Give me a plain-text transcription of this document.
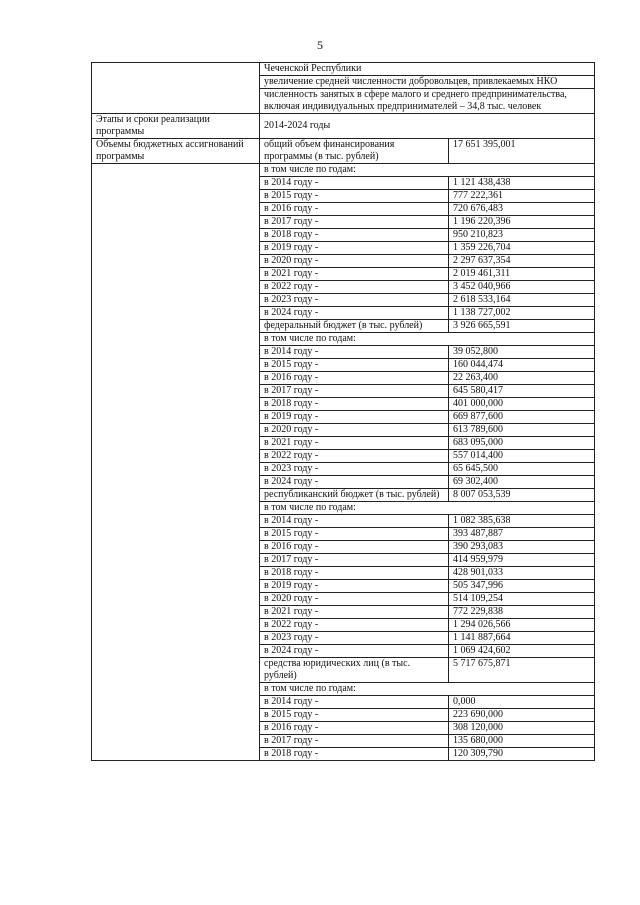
5
	Чеченской Республики	
	увеличение средней численности добровольцев, привлекаемых НКО	
	численность занятых в сфере малого и среднего предпринимательства, включая индивидуальных предпринимателей – 34,8 тыс. человек	
Этапы и сроки реализации программы	2014-2024 годы	
Объемы бюджетных ассигнований программы	общий объем финансирования программы (в тыс. рублей)	17 651 395,001
	в том числе по годам:	
	в 2014 году -	1 121 438,438
	в 2015 году -	777 222,361
	в 2016 году -	720 676,483
	в 2017 году -	1 196 220,396
	в 2018 году -	950 210,823
	в 2019 году -	1 359 226,704
	в 2020 году -	2 297 637,354
	в 2021 году -	2 019 461,311
	в 2022 году -	3 452 040,966
	в 2023 году -	2 618 533,164
	в 2024 году -	1 138 727,002
	федеральный бюджет (в тыс. рублей)	3 926 665,591
	в том числе по годам:	
	в 2014 году -	39 052,800
	в 2015 году -	160 044,474
	в 2016 году -	22 263,400
	в 2017 году -	645 580,417
	в 2018 году -	401 000,000
	в 2019 году -	669 877,600
	в 2020 году -	613 789,600
	в 2021 году -	683 095,000
	в 2022 году -	557 014,400
	в 2023 году -	65 645,500
	в 2024 году -	69 302,400
	республиканский бюджет (в тыс. рублей)	8 007 053,539
	в том числе по годам:	
	в 2014 году -	1 082 385,638
	в 2015 году -	393 487,887
	в 2016 году -	390 293,083
	в 2017 году -	414 959,979
	в 2018 году -	428 901,033
	в 2019 году -	505 347,996
	в 2020 году -	514 109,254
	в 2021 году -	772 229,838
	в 2022 году -	1 294 026,566
	в 2023 году -	1 141 887,664
	в 2024 году -	1 069 424,602
	средства юридических лиц (в тыс. рублей)	5 717 675,871
	в том числе по годам:	
	в 2014 году -	0,000
	в 2015 году -	223 690,000
	в 2016 году -	308 120,000
	в 2017 году -	135 680,000
	в 2018 году -	120 309,790
